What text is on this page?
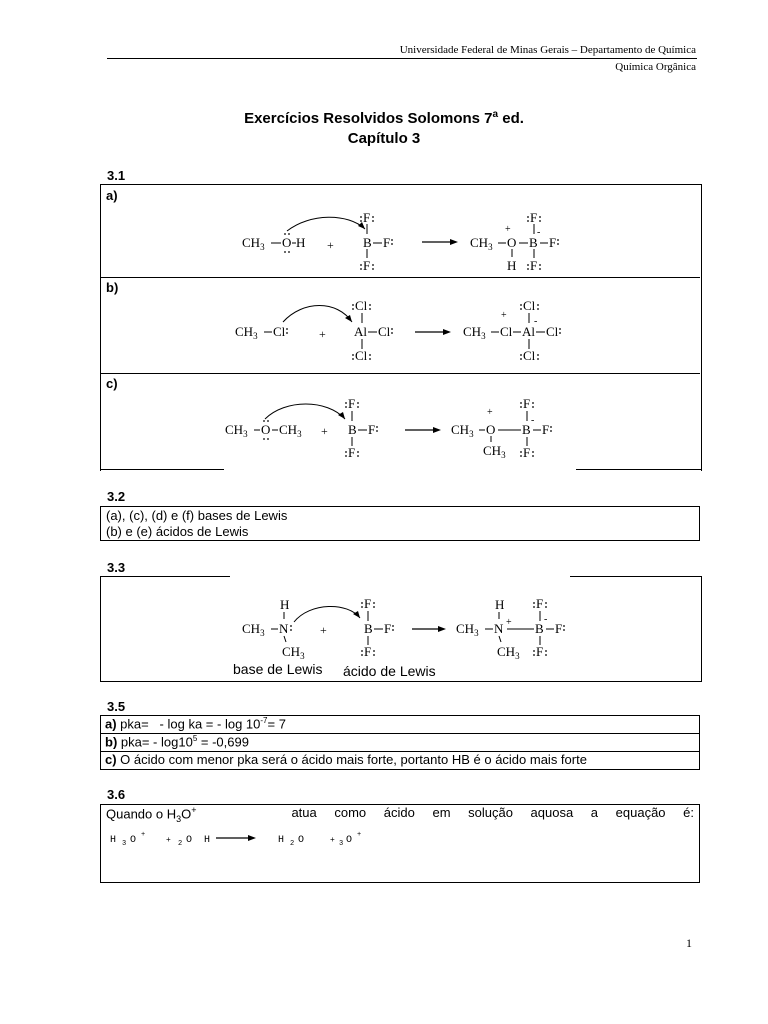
Universidade Federal de Minas Gerais – Departamento de Química
Química Orgânica
Exercícios Resolvidos Solomons 7$^a$ ed.
Capítulo 3
3.1
a)
b)
c)
$CH_3$ O H +
F
B F
F
$CH_3$ O
+
H
B
-
F
F
F
$CH_3$ Cl	+
Cl
Al Cl
Cl
$CH_3$ Cl
+
Al
-
Cl
Cl
Cl
$CH_3$ O $CH_3$ +
F
B F
F
$CH_3$ O
+
$CH_3$
B
-
F
F
F
3.2
(a), (c), (d) e (f) bases de Lewis
(b) e (e) ácidos de Lewis
3.3
H
$CH_3$ N
$CH_3$
+
F
B F
F
H
$CH_3$ N +
$CH_3$
B
-
F
F
F
base de Lewis ácido de Lewis
3.5
a) pka=   - log ka = - $\log 10^{-7}= 7$
b) $pka= - \log 10^5 = -0,699$
c) O ácido com menor pka será o ácido mais forte, portanto HB é o ácido mais forte
3.6
Quando o $H_3O^+$	atua como ácido em solução aquosa a equação é:
H 3 O +
+ 2 O H	H 2 O	+ 3 O +
1
